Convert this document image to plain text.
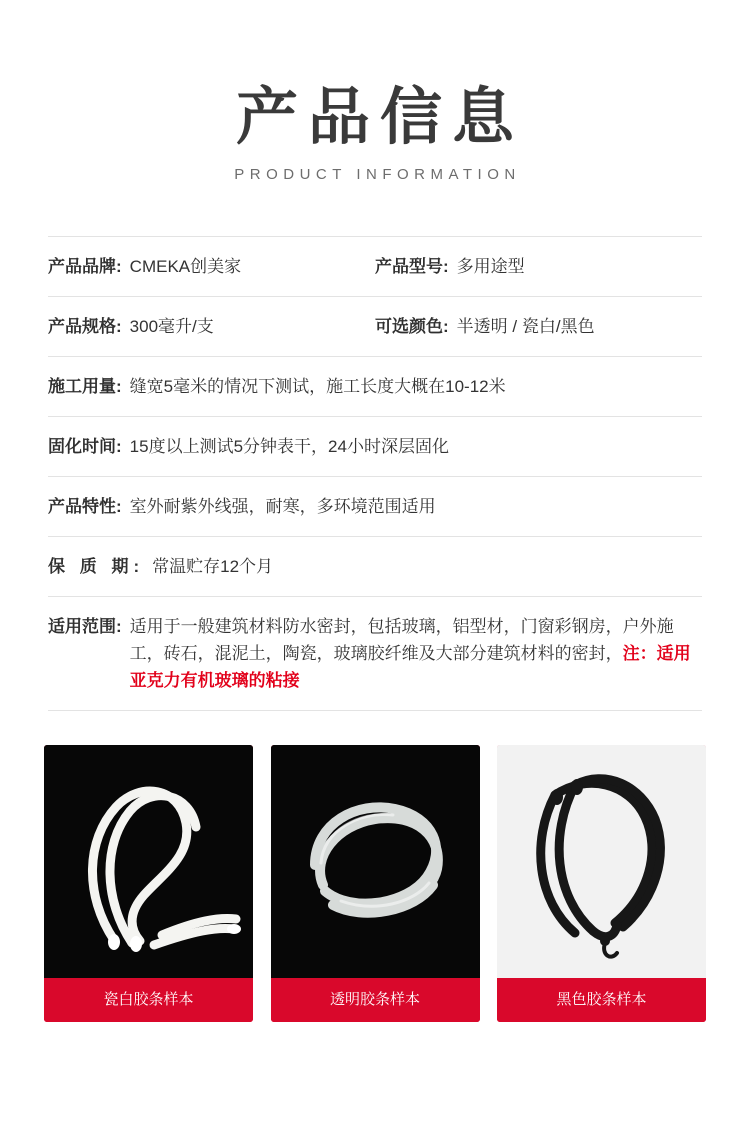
产品信息
PRODUCT INFORMATION
产品品牌: CMEKA创美家	产品型号: 多用途型
产品规格: 300毫升/支	可选颜色: 半透明 / 瓷白/黑色
施工用量: 缝宽5毫米的情况下测试，施工长度大概在10-12米
固化时间: 15度以上测试5分钟表干，24小时深层固化
产品特性: 室外耐紫外线强，耐寒，多环境范围适用
保 质 期: 常温贮存12个月
适用范围: 适用于一般建筑材料防水密封，包括玻璃，铝型材，门窗彩钢房，户外施工，砖石，混泥土，陶瓷，玻璃胶纤维及大部分建筑材料的密封，注：适用亚克力有机玻璃的粘接
瓷白胶条样本	透明胶条样本	黑色胶条样本
